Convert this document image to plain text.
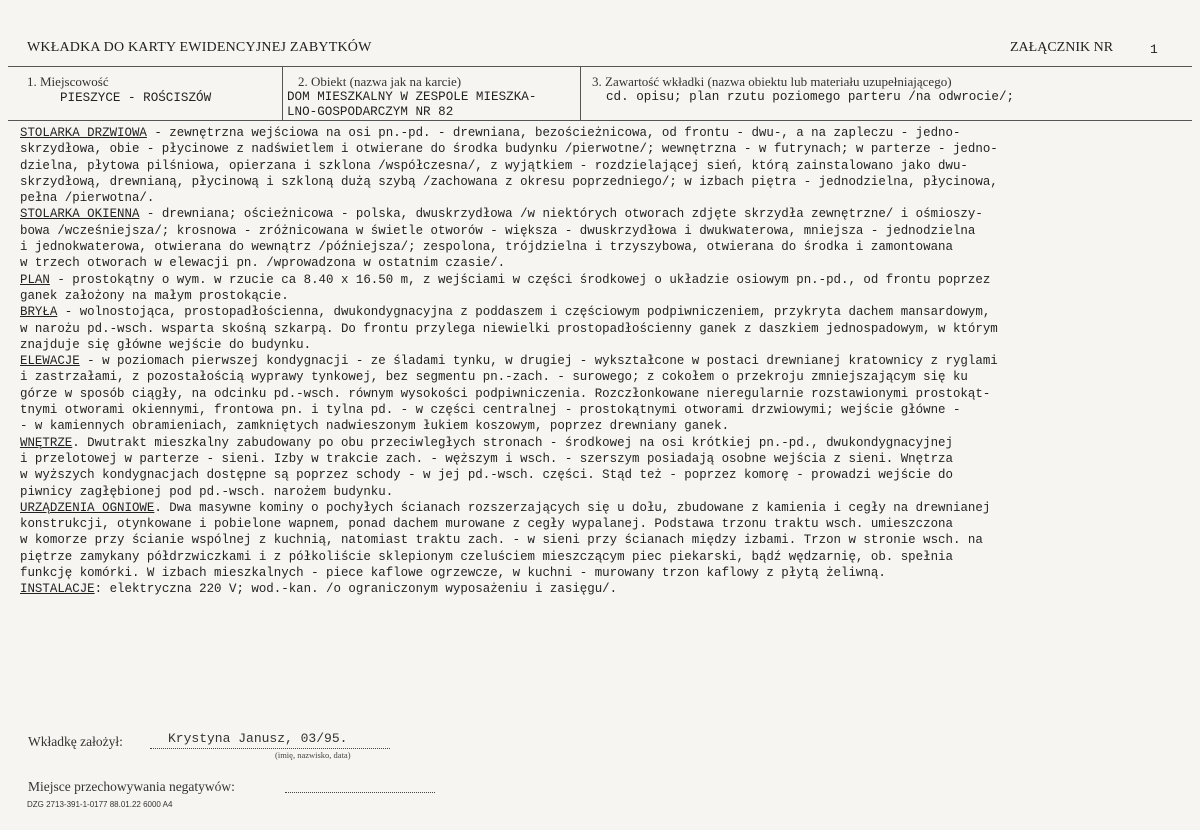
WKŁADKA DO KARTY EWIDENCYJNEJ ZABYTKÓW	ZAŁĄCZNIK NR	1
1. Miejscowość
PIESZYCE - ROŚCISZÓW
2. Obiekt (nazwa jak na karcie)
DOM MIESZKALNY W ZESPOLE MIESZKA-
LNO-GOSPODARCZYM NR 82
3. Zawartość wkładki (nazwa obiektu lub materiału uzupełniającego)
cd. opisu; plan rzutu poziomego parteru /na odwrocie/;
STOLARKA DRZWIOWA - zewnętrzna wejściowa na osi pn.-pd. - drewniana, bezościeżnicowa, od frontu - dwu-, a na zapleczu - jedno-
skrzydłowa, obie - płycinowe z nadświetlem i otwierane do środka budynku /pierwotne/; wewnętrzna - w futrynach; w parterze - jedno-
dzielna, płytowa pilśniowa, opierzana i szklona /współczesna/, z wyjątkiem - rozdzielającej sień, którą zainstalowano jako dwu-
skrzydłową, drewnianą, płycinową i szkloną dużą szybą /zachowana z okresu poprzedniego/; w izbach piętra - jednodzielna, płycinowa,
pełna /pierwotna/.
STOLARKA OKIENNA - drewniana; ościeżnicowa - polska, dwuskrzydłowa /w niektórych otworach zdjęte skrzydła zewnętrzne/ i ośmioszy-
bowa /wcześniejsza/; krosnowa - zróżnicowana w świetle otworów - większa - dwuskrzydłowa i dwukwaterowa, mniejsza - jednodzielna
i jednokwaterowa, otwierana do wewnątrz /późniejsza/; zespolona, trójdzielna i trzyszybowa, otwierana do środka i zamontowana
w trzech otworach w elewacji pn. /wprowadzona w ostatnim czasie/.
PLAN - prostokątny o wym. w rzucie ca 8.40 x 16.50 m, z wejściami w części środkowej o układzie osiowym pn.-pd., od frontu poprzez
ganek założony na małym prostokącie.
BRYŁA - wolnostojąca, prostopadłościenna, dwukondygnacyjna z poddaszem i częściowym podpiwniczeniem, przykryta dachem mansardowym,
w narożu pd.-wsch. wsparta skośną szkarpą. Do frontu przylega niewielki prostopadłościenny ganek z daszkiem jednospadowym, w którym
znajduje się główne wejście do budynku.
ELEWACJE - w poziomach pierwszej kondygnacji - ze śladami tynku, w drugiej - wykształcone w postaci drewnianej kratownicy z ryglami
i zastrzałami, z pozostałością wyprawy tynkowej, bez segmentu pn.-zach. - surowego; z cokołem o przekroju zmniejszającym się ku
górze w sposób ciągły, na odcinku pd.-wsch. równym wysokości podpiwniczenia. Rozczłonkowane nieregularnie rozstawionymi prostokąt-
tnymi otworami okiennymi, frontowa pn. i tylna pd. - w części centralnej - prostokątnymi otworami drzwiowymi; wejście główne -
- w kamiennych obramieniach, zamkniętych nadwieszonym łukiem koszowym, poprzez drewniany ganek.
WNĘTRZE. Dwutrakt mieszkalny zabudowany po obu przeciwległych stronach - środkowej na osi krótkiej pn.-pd., dwukondygnacyjnej
i przelotowej w parterze - sieni. Izby w trakcie zach. - węższym i wsch. - szerszym posiadają osobne wejścia z sieni. Wnętrza
w wyższych kondygnacjach dostępne są poprzez schody - w jej pd.-wsch. części. Stąd też - poprzez komorę - prowadzi wejście do
piwnicy zagłębionej pod pd.-wsch. narożem budynku.
URZĄDZENIA OGNIOWE. Dwa masywne kominy o pochyłych ścianach rozszerzających się u dołu, zbudowane z kamienia i cegły na drewnianej
konstrukcji, otynkowane i pobielone wapnem, ponad dachem murowane z cegły wypalanej. Podstawa trzonu traktu wsch. umieszczona
w komorze przy ścianie wspólnej z kuchnią, natomiast traktu zach. - w sieni przy ścianach między izbami. Trzon w stronie wsch. na
piętrze zamykany półdrzwiczkami i z półkoliście sklepionym czeluściem mieszczącym piec piekarski, bądź wędzarnię, ob. spełnia
funkcję komórki. W izbach mieszkalnych - piece kaflowe ogrzewcze, w kuchni - murowany trzon kaflowy z płytą żeliwną.
INSTALACJE: elektryczna 220 V; wod.-kan. /o ograniczonym wyposażeniu i zasięgu/.
Wkładkę założył:	Krystyna Janusz, 03/95.
(imię, nazwisko, data)
Miejsce przechowywania negatywów:
DZG 2713-391-1-0177 88.01.22 6000 A4
